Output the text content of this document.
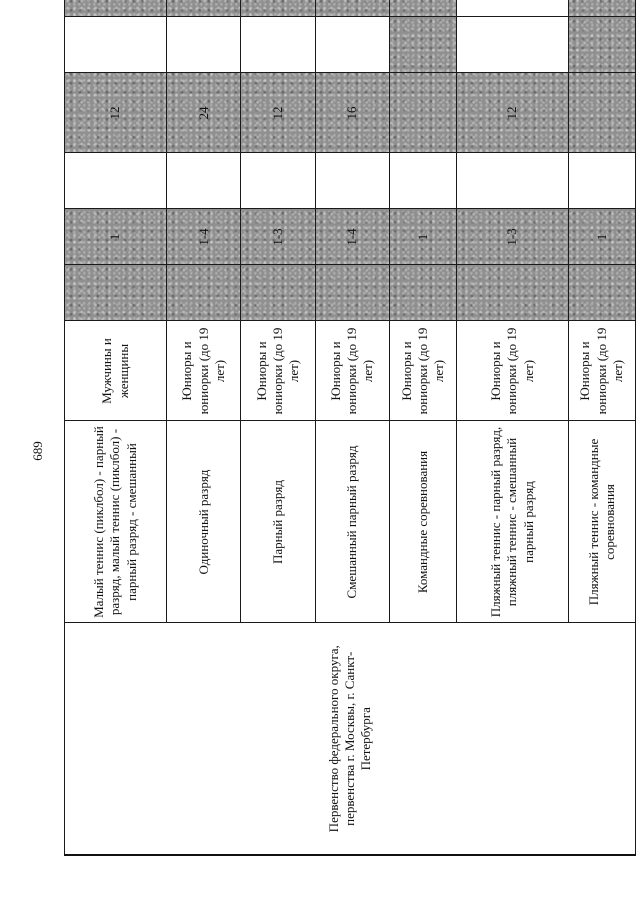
689
Первенство федерального округа, первенства г. Москвы, г. Санкт-Петербурга	Малый теннис (пиклбол) - парный разряд, малый теннис (пиклбол) - парный разряд - смешанный	Мужчины и женщины		1		12			
	Одиночный разряд	Юниоры и юниорки (до 19 лет)		1-4		24			
	Парный разряд	Юниоры и юниорки (до 19 лет)		1-3		12			
	Смешанный парный разряд	Юниоры и юниорки (до 19 лет)		1-4		16			
	Командные соревнования	Юниоры и юниорки (до 19 лет)		1					
	Пляжный теннис - парный разряд, пляжный теннис - смешанный парный разряд	Юниоры и юниорки (до 19 лет)		1-3		12			
	Пляжный теннис - командные соревнования	Юниоры и юниорки (до 19 лет)		1					
